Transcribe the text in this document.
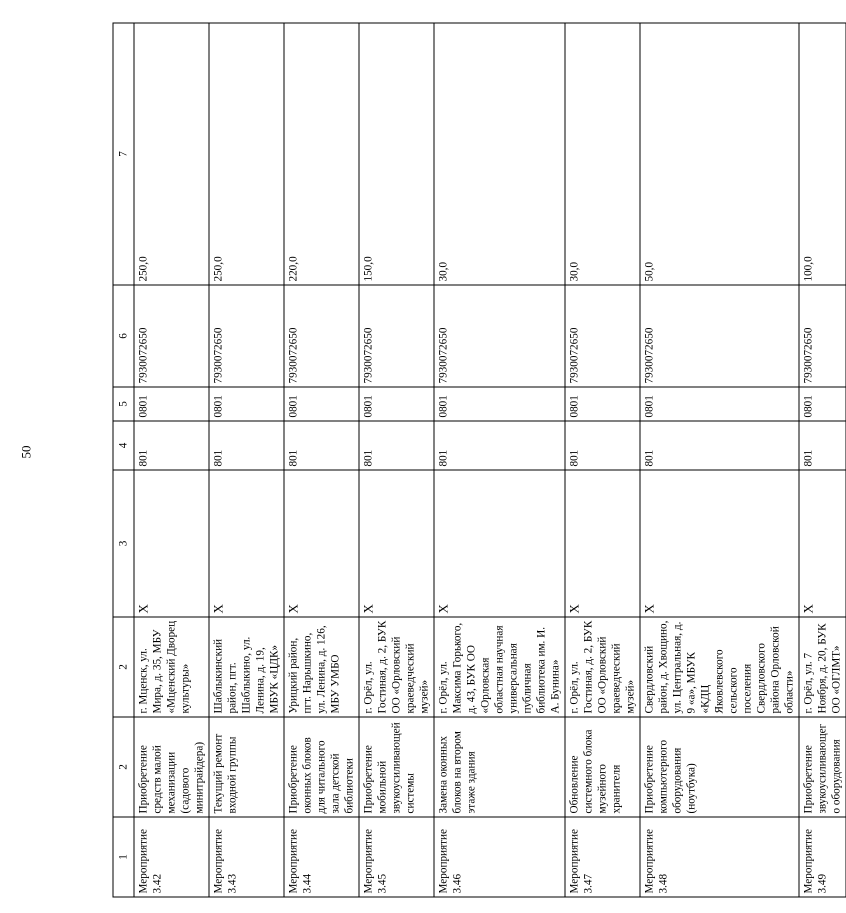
50
1	2	2	3	4	5	6	7
Мероприятие 3.42	Приобретение средств малой механизации (садового минитрайдера)	г. Мценск, ул. Мира, д. 35, МБУ «Мценский Дворец культуры»	X	801	0801	7930072650	250,0
Мероприятие 3.43	Текущий ремонт входной группы	Шаблыкинский район, пгт. Шаблыкино, ул. Ленина, д. 19, МБУК «ЦДК»	X	801	0801	7930072650	250,0
Мероприятие 3.44	Приобретение оконных блоков для читального зала детской библиотеки	Урицкий район, пгт. Нарышкино, ул. Ленина, д. 126, МБУ УМБО	X	801	0801	7930072650	220,0
Мероприятие 3.45	Приобретение мобильной звукоусиливающей системы	г. Орёл, ул. Гостиная, д. 2, БУК ОО «Орловский краеведческий музей»	X	801	0801	7930072650	150,0
Мероприятие 3.46	Замена оконных блоков на втором этаже здания	г. Орёл, ул. Максима Горького, д. 43, БУК ОО «Орловская областная научная универсальная публичная библиотека им. И. А. Бунина»	X	801	0801	7930072650	30,0
Мероприятие 3.47	Обновление системного блока музейного хранителя	г. Орёл, ул. Гостиная, д. 2, БУК ОО «Орловский краеведческий музей»	X	801	0801	7930072650	30,0
Мероприятие 3.48	Приобретение компьютерного оборудования (ноутбука)	Свердловский район, д. Хвощино, ул. Центральная, д. 9 «а», МБУК «КДЦ Яковлевского сельского поселения Свердловского района Орловской области»	X	801	0801	7930072650	50,0
Мероприятие 3.49	Приобретение звукоусиливающего оборудования	г. Орёл, ул. 7 Ноября, д. 20, БУК ОО «ОГЛМТ»	X	801	0801	7930072650	100,0
